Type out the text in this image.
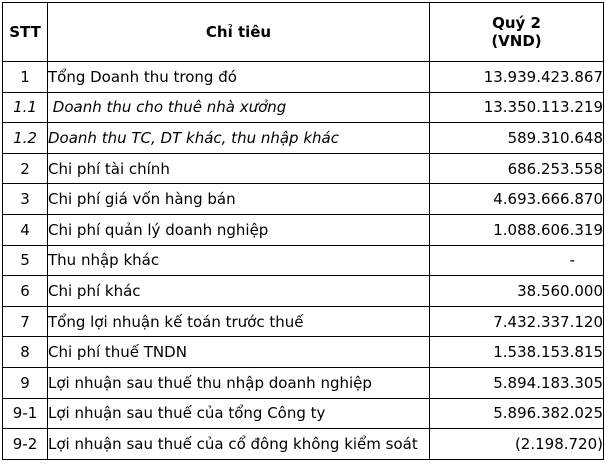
STT	Chỉ tiêu	Quý 2
(VND)

1	Tổng Doanh thu trong đó	13.939.423.867
1.1	Doanh thu cho thuê nhà xưởng	13.350.113.219
1.2	Doanh thu TC, DT khác, thu nhập khác	589.310.648
2	Chi phí tài chính	686.253.558
3	Chi phí giá vốn hàng bán	4.693.666.870
4	Chi phí quản lý doanh nghiệp	1.088.606.319
5	Thu nhập khác	-
6	Chi phí khác	38.560.000
7	Tổng lợi nhuận kế toán trước thuế	7.432.337.120
8	Chi phí thuế TNDN	1.538.153.815
9	Lợi nhuận sau thuế thu nhập doanh nghiệp	5.894.183.305
9-1	Lợi nhuận sau thuế của tổng Công ty	5.896.382.025
9-2	Lợi nhuận sau thuế của cổ đông không kiểm soát	(2.198.720)
